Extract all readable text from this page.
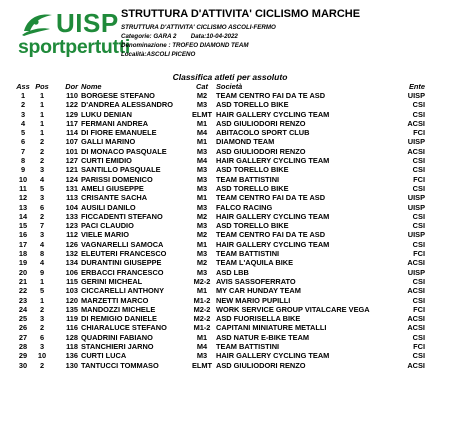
UISP
sportpertutti
STRUTTURA D'ATTIVITA' CICLISMO MARCHE
STRUTTURA D'ATTIVITA' CICLISMO ASCOLI-FERMO
Categorie: GARA 2 Data:10-04-2022
Denominazione : TROFEO DIAMOND TEAM
Località:ASCOLI PICENO
Classifica atleti per assoluto
Ass	Pos	Dor	Nome	Cat	Società	Ente
1	1	110	BORGESE STEFANO	M2	TEAM CENTRO FAI DA TE ASD	UISP
2	1	122	D'ANDREA ALESSANDRO	M3	ASD TORELLO BIKE	CSI
3	1	129	LUKU DENIAN	ELMT	HAIR GALLERY CYCLING TEAM	CSI
4	1	117	FERMANI ANDREA	M1	ASD GIULIODORI RENZO	ACSI
5	1	114	DI FIORE EMANUELE	M4	ABITACOLO SPORT CLUB	FCI
6	2	107	GALLI MARINO	M1	DIAMOND TEAM	UISP
7	2	101	DI MONACO PASQUALE	M3	ASD GIULIODORI RENZO	ACSI
8	2	127	CURTI EMIDIO	M4	HAIR GALLERY CYCLING TEAM	CSI
9	3	121	SANTILLO PASQUALE	M3	ASD TORELLO BIKE	CSI
10	4	124	PARISSI DOMENICO	M3	TEAM BATTISTINI	FCI
11	5	131	AMELI GIUSEPPE	M3	ASD TORELLO BIKE	CSI
12	3	113	CRISANTE SACHA	M1	TEAM CENTRO FAI DA TE ASD	UISP
13	6	104	AUSILI DANILO	M3	FALCO RACING	UISP
14	2	133	FICCADENTI STEFANO	M2	HAIR GALLERY CYCLING TEAM	CSI
15	7	123	PACI CLAUDIO	M3	ASD TORELLO BIKE	CSI
16	3	112	VIELE MARIO	M2	TEAM CENTRO FAI DA TE ASD	UISP
17	4	126	VAGNARELLI SAMOCA	M1	HAIR GALLERY CYCLING TEAM	CSI
18	8	132	ELEUTERI FRANCESCO	M3	TEAM BATTISTINI	FCI
19	4	134	DURANTINI GIUSEPPE	M2	TEAM L'AQUILA BIKE	ACSI
20	9	106	ERBACCI FRANCESCO	M3	ASD LBB	UISP
21	1	115	GERINI MICHEAL	M2-2	AVIS SASSOFERRATO	CSI
22	5	103	CICCARELLI ANTHONY	M1	MY CAR HUNDAY TEAM	ACSI
23	1	120	MARZETTI MARCO	M1-2	NEW MARIO PUPILLI	CSI
24	2	135	MANDOZZI MICHELE	M2-2	WORK SERVICE GROUP VITALCARE VEGA	FCI
25	3	119	DI REMIGIO DANIELE	M2-2	ASD FUORISELLA BIKE	ACSI
26	2	116	CHIARALUCE STEFANO	M1-2	CAPITANI MINIATURE METALLI	ACSI
27	6	128	QUADRINI FABIANO	M1	ASD NATUR E-BIKE TEAM	CSI
28	3	118	STANCHIERI JARNO	M4	TEAM BATTISTINI	FCI
29	10	136	CURTI LUCA	M3	HAIR GALLERY CYCLING TEAM	CSI
30	2	130	TANTUCCI TOMMASO	ELMT	ASD GIULIODORI RENZO	ACSI
